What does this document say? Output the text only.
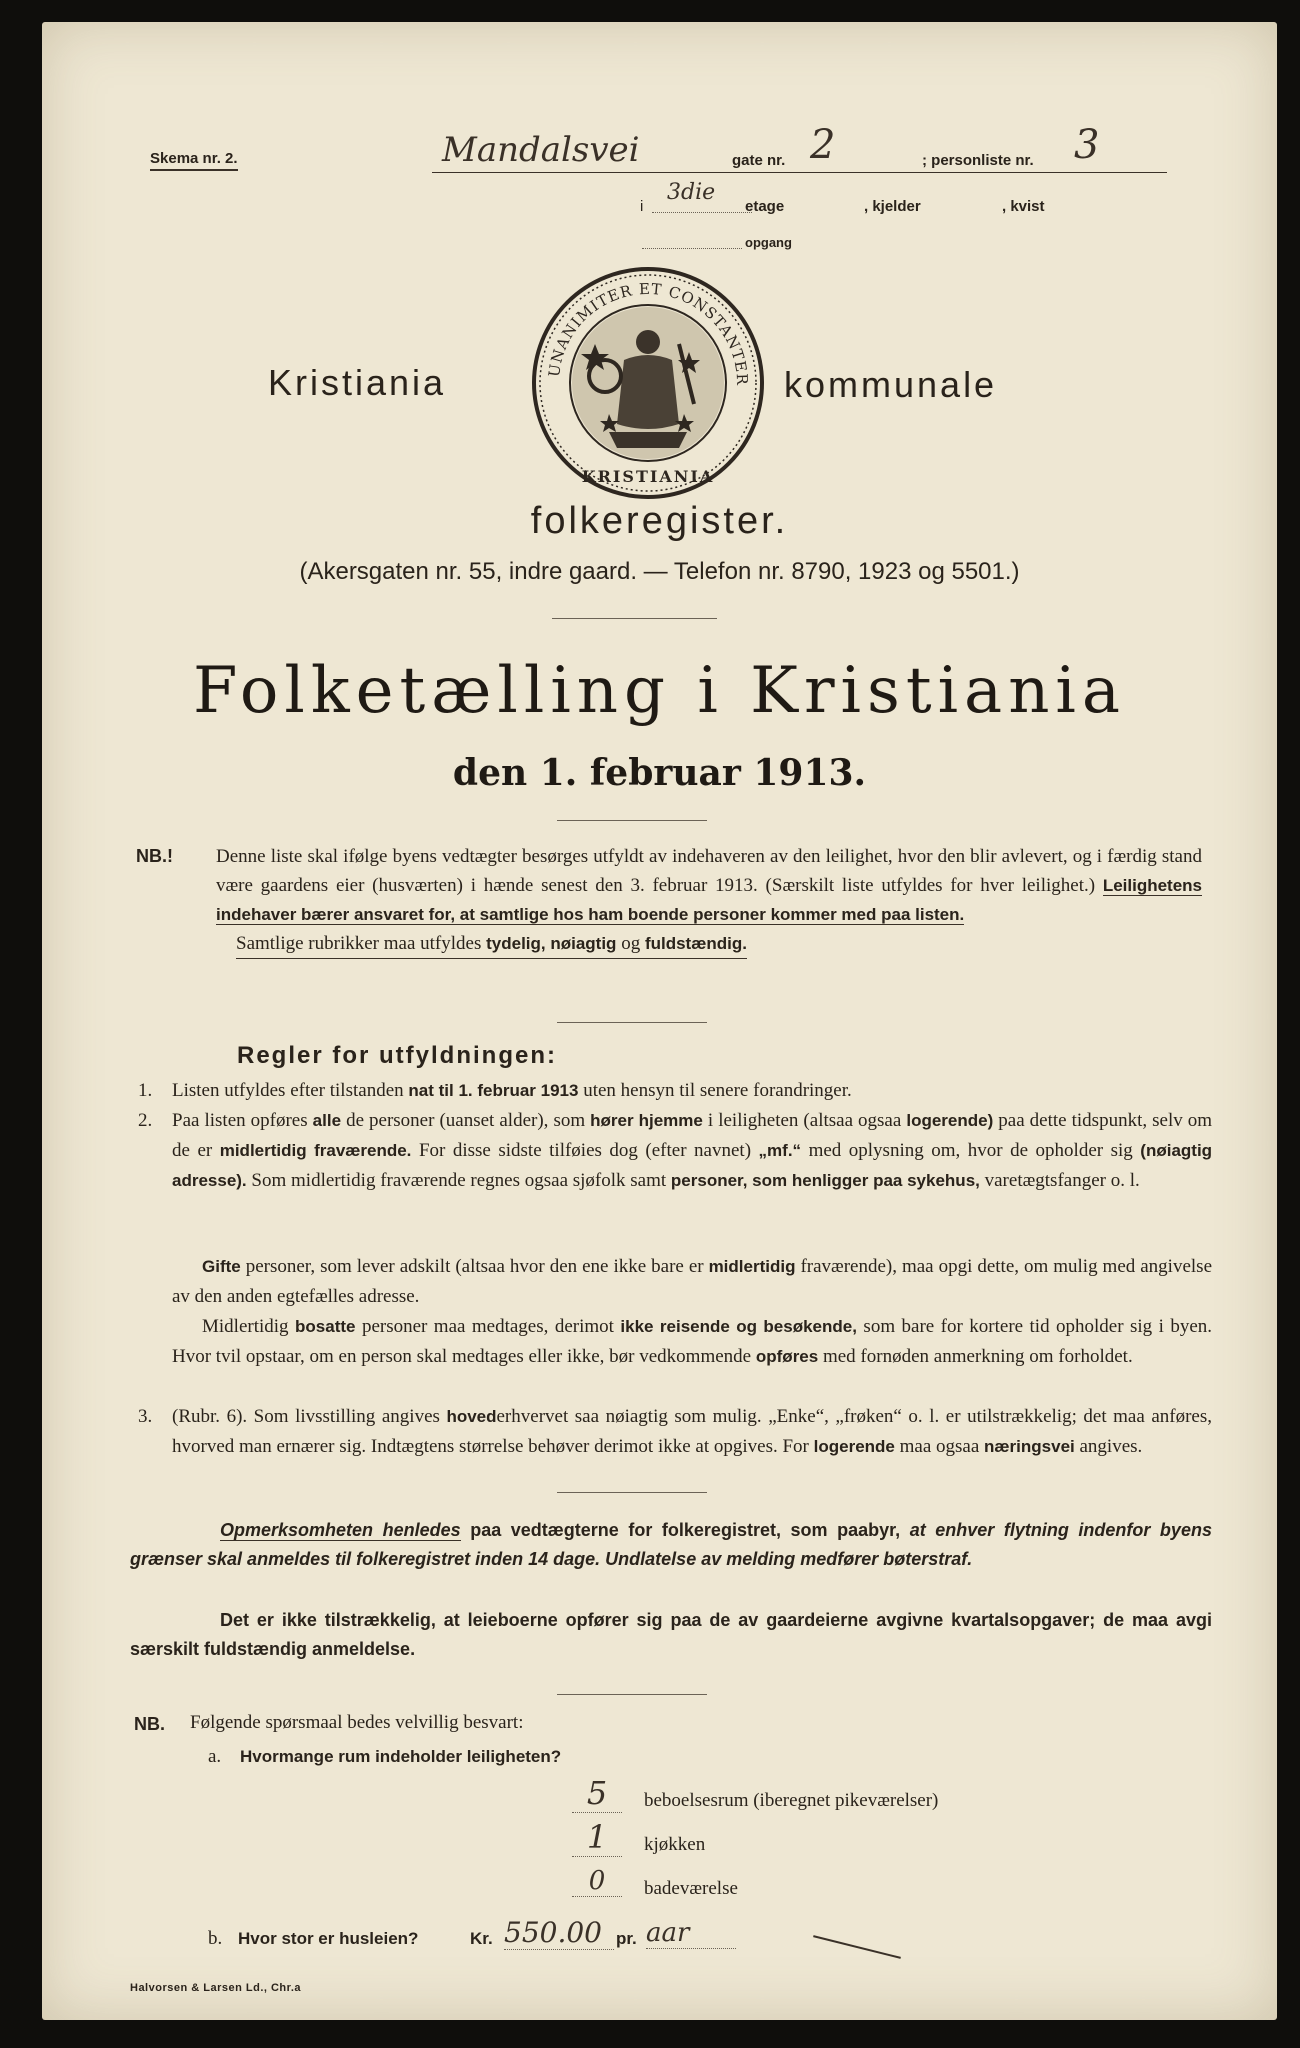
Skema nr. 2.	Mandalsvei	gate nr. 2	; personliste nr. 3
i
3die
etage	, kjelder	, kvist
opgang
Kristiania	kommunale
UNANIMITER ET CONSTANTER
KRISTIANIA
folkeregister.
(Akersgaten nr. 55, indre gaard. — Telefon nr. 8790, 1923 og 5501.)
Folketælling i Kristiania
den 1. februar 1913.
NB.! Denne liste skal ifølge byens vedtægter besørges utfyldt av indehaveren av den leilighet, hvor den blir avlevert, og i færdig stand være gaardens eier (husværten) i hænde senest den 3. februar 1913. (Særskilt liste utfyldes for hver leilighet.) Leilighetens indehaver bærer ansvaret for, at samtlige hos ham boende personer kommer med paa listen.
Samtlige rubrikker maa utfyldes tydelig, nøiagtig og fuldstændig.
Regler for utfyldningen:
1. Listen utfyldes efter tilstanden nat til 1. februar 1913 uten hensyn til senere forandringer.
2. Paa listen opføres alle de personer (uanset alder), som hører hjemme i leiligheten (altsaa ogsaa logerende) paa dette tidspunkt, selv om de er midlertidig fraværende. For disse sidste tilføies dog (efter navnet) „mf.“ med oplysning om, hvor de opholder sig (nøiagtig adresse). Som midlertidig fraværende regnes ogsaa sjøfolk samt personer, som henligger paa sykehus, varetægtsfanger o. l.
Gifte personer, som lever adskilt (altsaa hvor den ene ikke bare er midlertidig fraværende), maa opgi dette, om mulig med angivelse av den anden egtefælles adresse.
Midlertidig bosatte personer maa medtages, derimot ikke reisende og besøkende, som bare for kortere tid opholder sig i byen. Hvor tvil opstaar, om en person skal medtages eller ikke, bør vedkommende opføres med fornøden anmerkning om forholdet.
3. (Rubr. 6). Som livsstilling angives hovederhvervet saa nøiagtig som mulig. „Enke“, „frøken“ o. l. er utilstrækkelig; det maa anføres, hvorved man ernærer sig. Indtægtens størrelse behøver derimot ikke at opgives. For logerende maa ogsaa næringsvei angives.
Opmerksomheten henledes paa vedtægterne for folkeregistret, som paabyr, at enhver flytning indenfor byens grænser skal anmeldes til folkeregistret inden 14 dage. Undlatelse av melding medfører bøterstraf.
Det er ikke tilstrækkelig, at leieboerne opfører sig paa de av gaardeierne avgivne kvartalsopgaver; de maa avgi særskilt fuldstændig anmeldelse.
NB. Følgende spørsmaal bedes velvillig besvart:
a. Hvormange rum indeholder leiligheten?
5	beboelsesrum (iberegnet pikeværelser)
1	kjøkken
0	badeværelse
b. Hvor stor er husleien?	Kr. 550.00 pr. aar
Halvorsen & Larsen Ld., Chr.a
